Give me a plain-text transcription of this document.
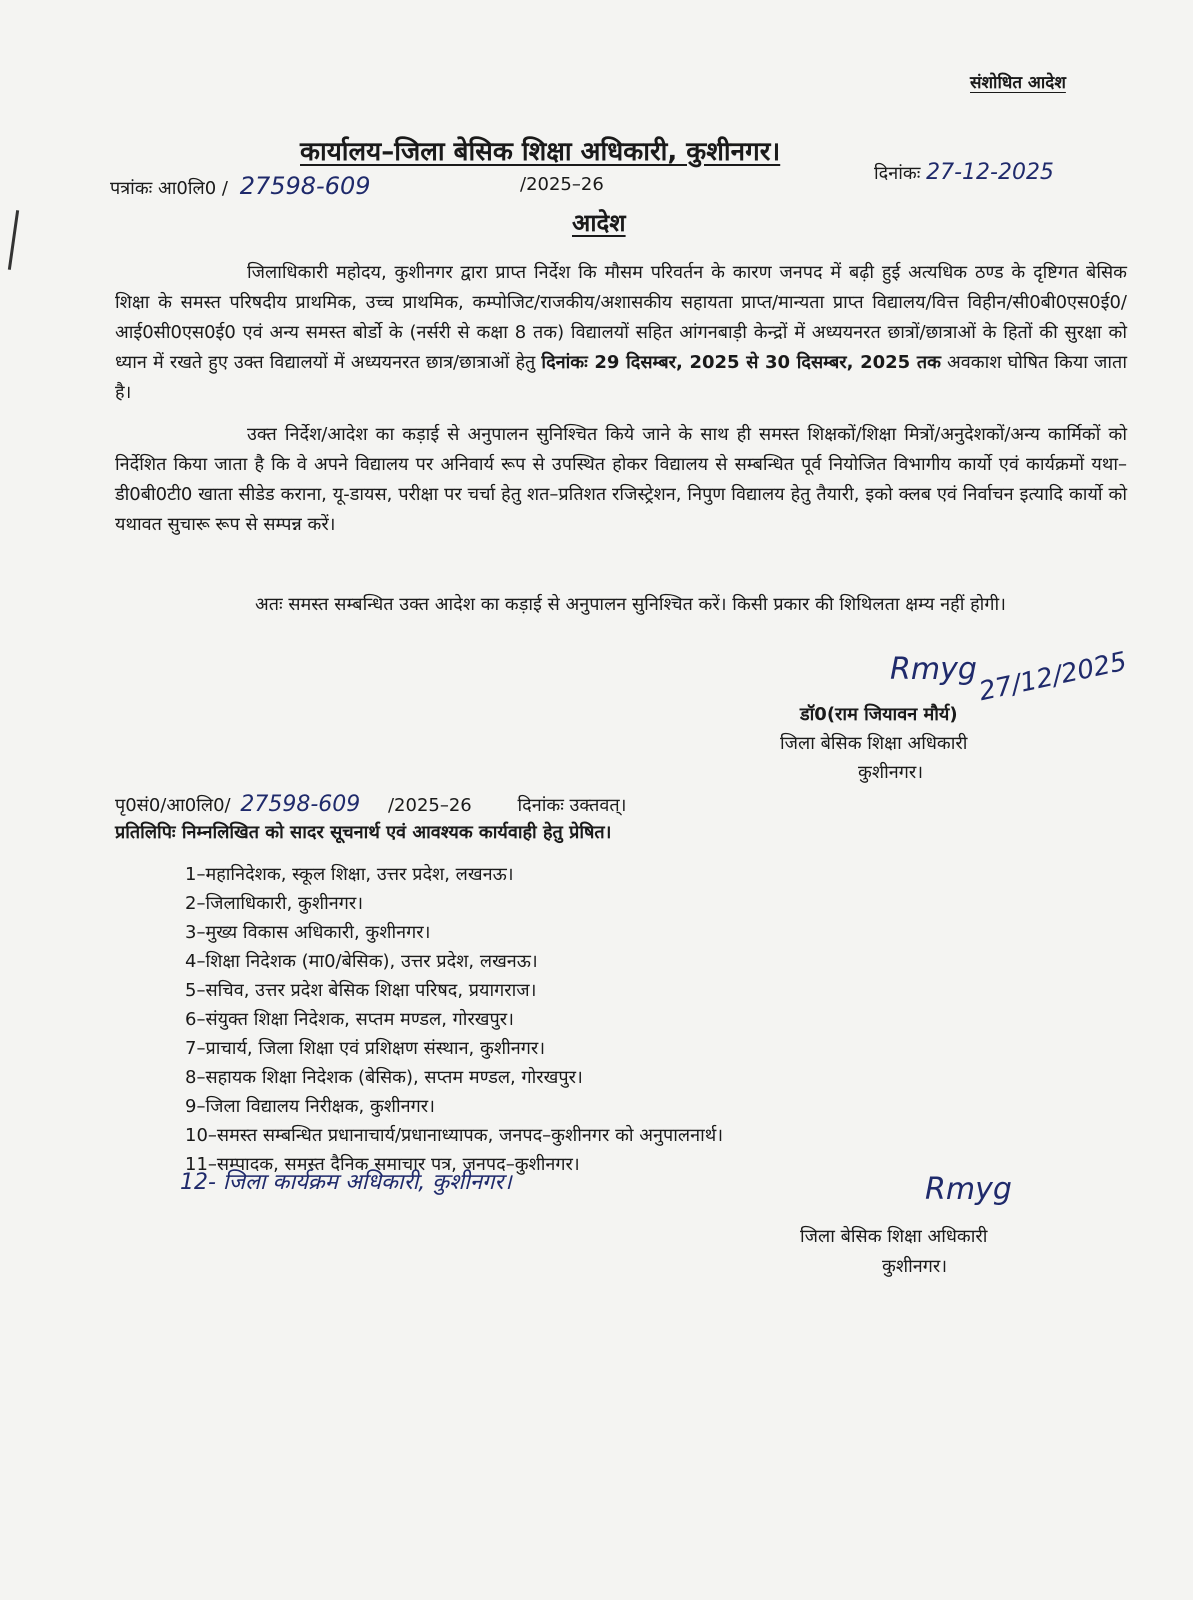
संशोधित आदेश
कार्यालय–जिला बेसिक शिक्षा अधिकारी, कुशीनगर।
पत्रांकः आ0लि0 / 27598-609	/2025–26
दिनांकः 27-12-2025
आदेश
जिलाधिकारी महोदय, कुशीनगर द्वारा प्राप्त निर्देश कि मौसम परिवर्तन के कारण जनपद में बढ़ी हुई अत्यधिक ठण्ड के दृष्टिगत बेसिक शिक्षा के समस्त परिषदीय प्राथमिक, उच्च प्राथमिक, कम्पोजिट/राजकीय/अशासकीय सहायता प्राप्त/मान्यता प्राप्त विद्यालय/वित्त विहीन/सी0बी0एस0ई0/आई0सी0एस0ई0 एवं अन्य समस्त बोर्डो के (नर्सरी से कक्षा 8 तक) विद्यालयों सहित आंगनबाड़ी केन्द्रों में अध्ययनरत छात्रों/छात्राओं के हितों की सुरक्षा को ध्यान में रखते हुए उक्त विद्यालयों में अध्ययनरत छात्र/छात्राओं हेतु दिनांकः 29 दिसम्बर, 2025 से 30 दिसम्बर, 2025 तक अवकाश घोषित किया जाता है।
उक्त निर्देश/आदेश का कड़ाई से अनुपालन सुनिश्चित किये जाने के साथ ही समस्त शिक्षकों/शिक्षा मित्रों/अनुदेशकों/अन्य कार्मिकों को निर्देशित किया जाता है कि वे अपने विद्यालय पर अनिवार्य रूप से उपस्थित होकर विद्यालय से सम्बन्धित पूर्व नियोजित विभागीय कार्यो एवं कार्यक्रमों यथा–डी0बी0टी0 खाता सीडेड कराना, यू-डायस, परीक्षा पर चर्चा हेतु शत–प्रतिशत रजिस्ट्रेशन, निपुण विद्यालय हेतु तैयारी, इको क्लब एवं निर्वाचन इत्यादि कार्यो को यथावत सुचारू रूप से सम्पन्न करें।
अतः समस्त सम्बन्धित उक्त आदेश का कड़ाई से अनुपालन सुनिश्चित करें। किसी प्रकार की शिथिलता क्षम्य नहीं होगी।
Rmyg 27/12/2025
डॉ0(राम जियावन मौर्य)
जिला बेसिक शिक्षा अधिकारी
कुशीनगर।
पृ0सं0/आ0लि0/ 27598-609 /2025–26	दिनांकः उक्तवत्।
प्रतिलिपिः निम्नलिखित को सादर सूचनार्थ एवं आवश्यक कार्यवाही हेतु प्रेषित।
1–महानिदेशक, स्कूल शिक्षा, उत्तर प्रदेश, लखनऊ।
2–जिलाधिकारी, कुशीनगर।
3–मुख्य विकास अधिकारी, कुशीनगर।
4–शिक्षा निदेशक (मा0/बेसिक), उत्तर प्रदेश, लखनऊ।
5–सचिव, उत्तर प्रदेश बेसिक शिक्षा परिषद, प्रयागराज।
6–संयुक्त शिक्षा निदेशक, सप्तम मण्डल, गोरखपुर।
7–प्राचार्य, जिला शिक्षा एवं प्रशिक्षण संस्थान, कुशीनगर।
8–सहायक शिक्षा निदेशक (बेसिक), सप्तम मण्डल, गोरखपुर।
9–जिला विद्यालय निरीक्षक, कुशीनगर।
10–समस्त सम्बन्धित प्रधानाचार्य/प्रधानाध्यापक, जनपद–कुशीनगर को अनुपालनार्थ।
11–सम्पादक, समस्त दैनिक समाचार पत्र, जनपद–कुशीनगर।
12- जिला कार्यक्रम अधिकारी, कुशीनगर।	Rmyg
जिला बेसिक शिक्षा अधिकारी
कुशीनगर।
